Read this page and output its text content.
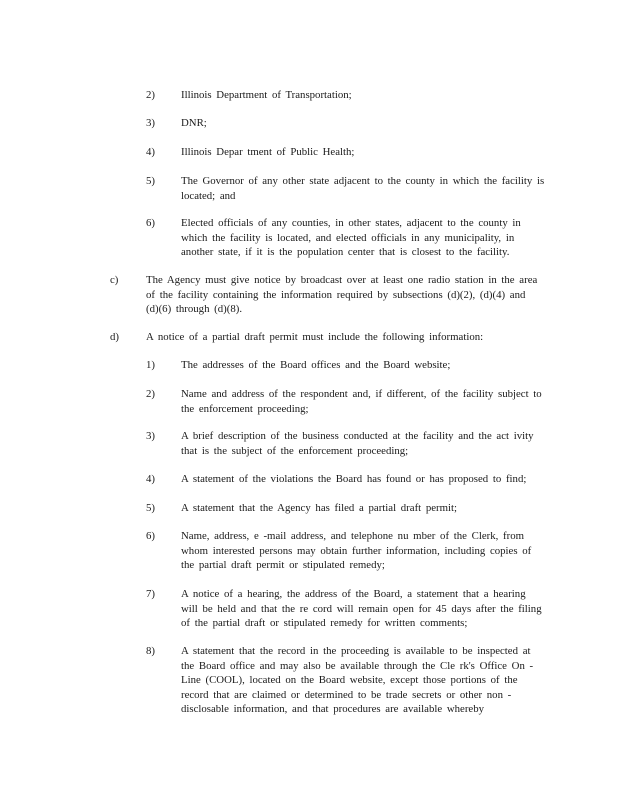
2) Illinois Department of Transportation;
3) DNR;
4) Illinois Depar tment of Public Health;
5) The Governor of any other state adjacent to the county in which the facility is located; and
6) Elected officials of any counties, in other states, adjacent to the county in which the facility is located, and elected officials in any municipality, in another state, if it is the population center that is closest to the facility.
c)	The Agency must give notice by broadcast over at least one radio station in the area of the facility containing the information required by subsections (d)(2), (d)(4) and (d)(6) through (d)(8).
d)	A notice of a partial draft permit must include the following information:
1) The addresses of the Board offices and the Board website;
2) Name and address of the respondent and, if different, of the facility subject to the enforcement proceeding;
3) A brief description of the business conducted at the facility and the act ivity that is the subject of the enforcement proceeding;
4) A statement of the violations the Board has found or has proposed to find;
5) A statement that the Agency has filed a partial draft permit;
6) Name, address, e -mail address, and telephone nu mber of the Clerk, from whom interested persons may obtain further information, including copies of the partial draft permit or stipulated remedy;
7) A notice of a hearing, the address of the Board, a statement that a hearing will be held and that the re cord will remain open for 45 days after the filing of the partial draft or stipulated remedy for written comments;
8) A statement that the record in the proceeding is available to be inspected at the Board office and may also be available through the Cle rk's Office On - Line (COOL), located on the Board website, except those portions of the record that are claimed or determined to be trade secrets or other non - disclosable information, and that procedures are available whereby
